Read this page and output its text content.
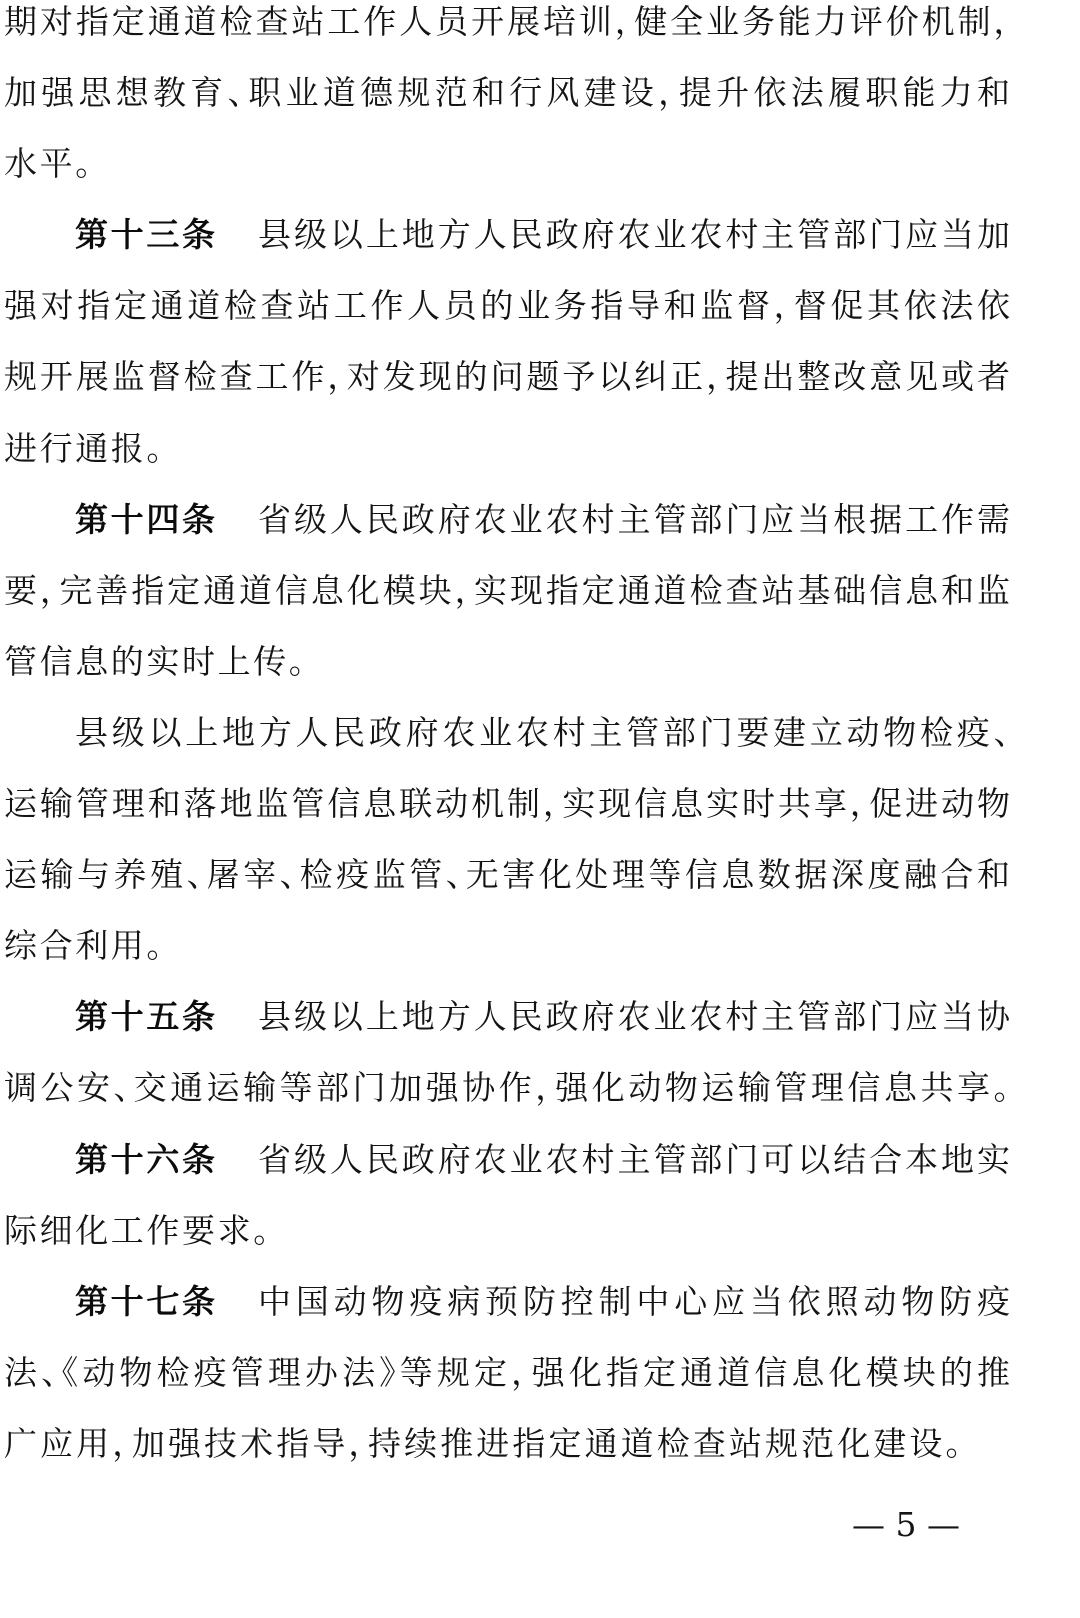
期对指定通道检查站工作人员开展培训，健全业务能力评价机制，
加强思想教育、职业道德规范和行风建设，提升依法履职能力和
水平。
第十三条 县级以上地方人民政府农业农村主管部门应当加
强对指定通道检查站工作人员的业务指导和监督，督促其依法依
规开展监督检查工作，对发现的问题予以纠正，提出整改意见或者
进行通报。
第十四条 省级人民政府农业农村主管部门应当根据工作需
要，完善指定通道信息化模块，实现指定通道检查站基础信息和监
管信息的实时上传。
县级以上地方人民政府农业农村主管部门要建立动物检疫、
运输管理和落地监管信息联动机制，实现信息实时共享，促进动物
运输与养殖、屠宰、检疫监管、无害化处理等信息数据深度融合和
综合利用。
第十五条 县级以上地方人民政府农业农村主管部门应当协
调公安、交通运输等部门加强协作，强化动物运输管理信息共享。
第十六条 省级人民政府农业农村主管部门可以结合本地实
际细化工作要求。
第十七条 中国动物疫病预防控制中心应当依照动物防疫
法、《动物检疫管理办法》等规定，强化指定通道信息化模块的推
广应用，加强技术指导，持续推进指定通道检查站规范化建设。
— 5 —
